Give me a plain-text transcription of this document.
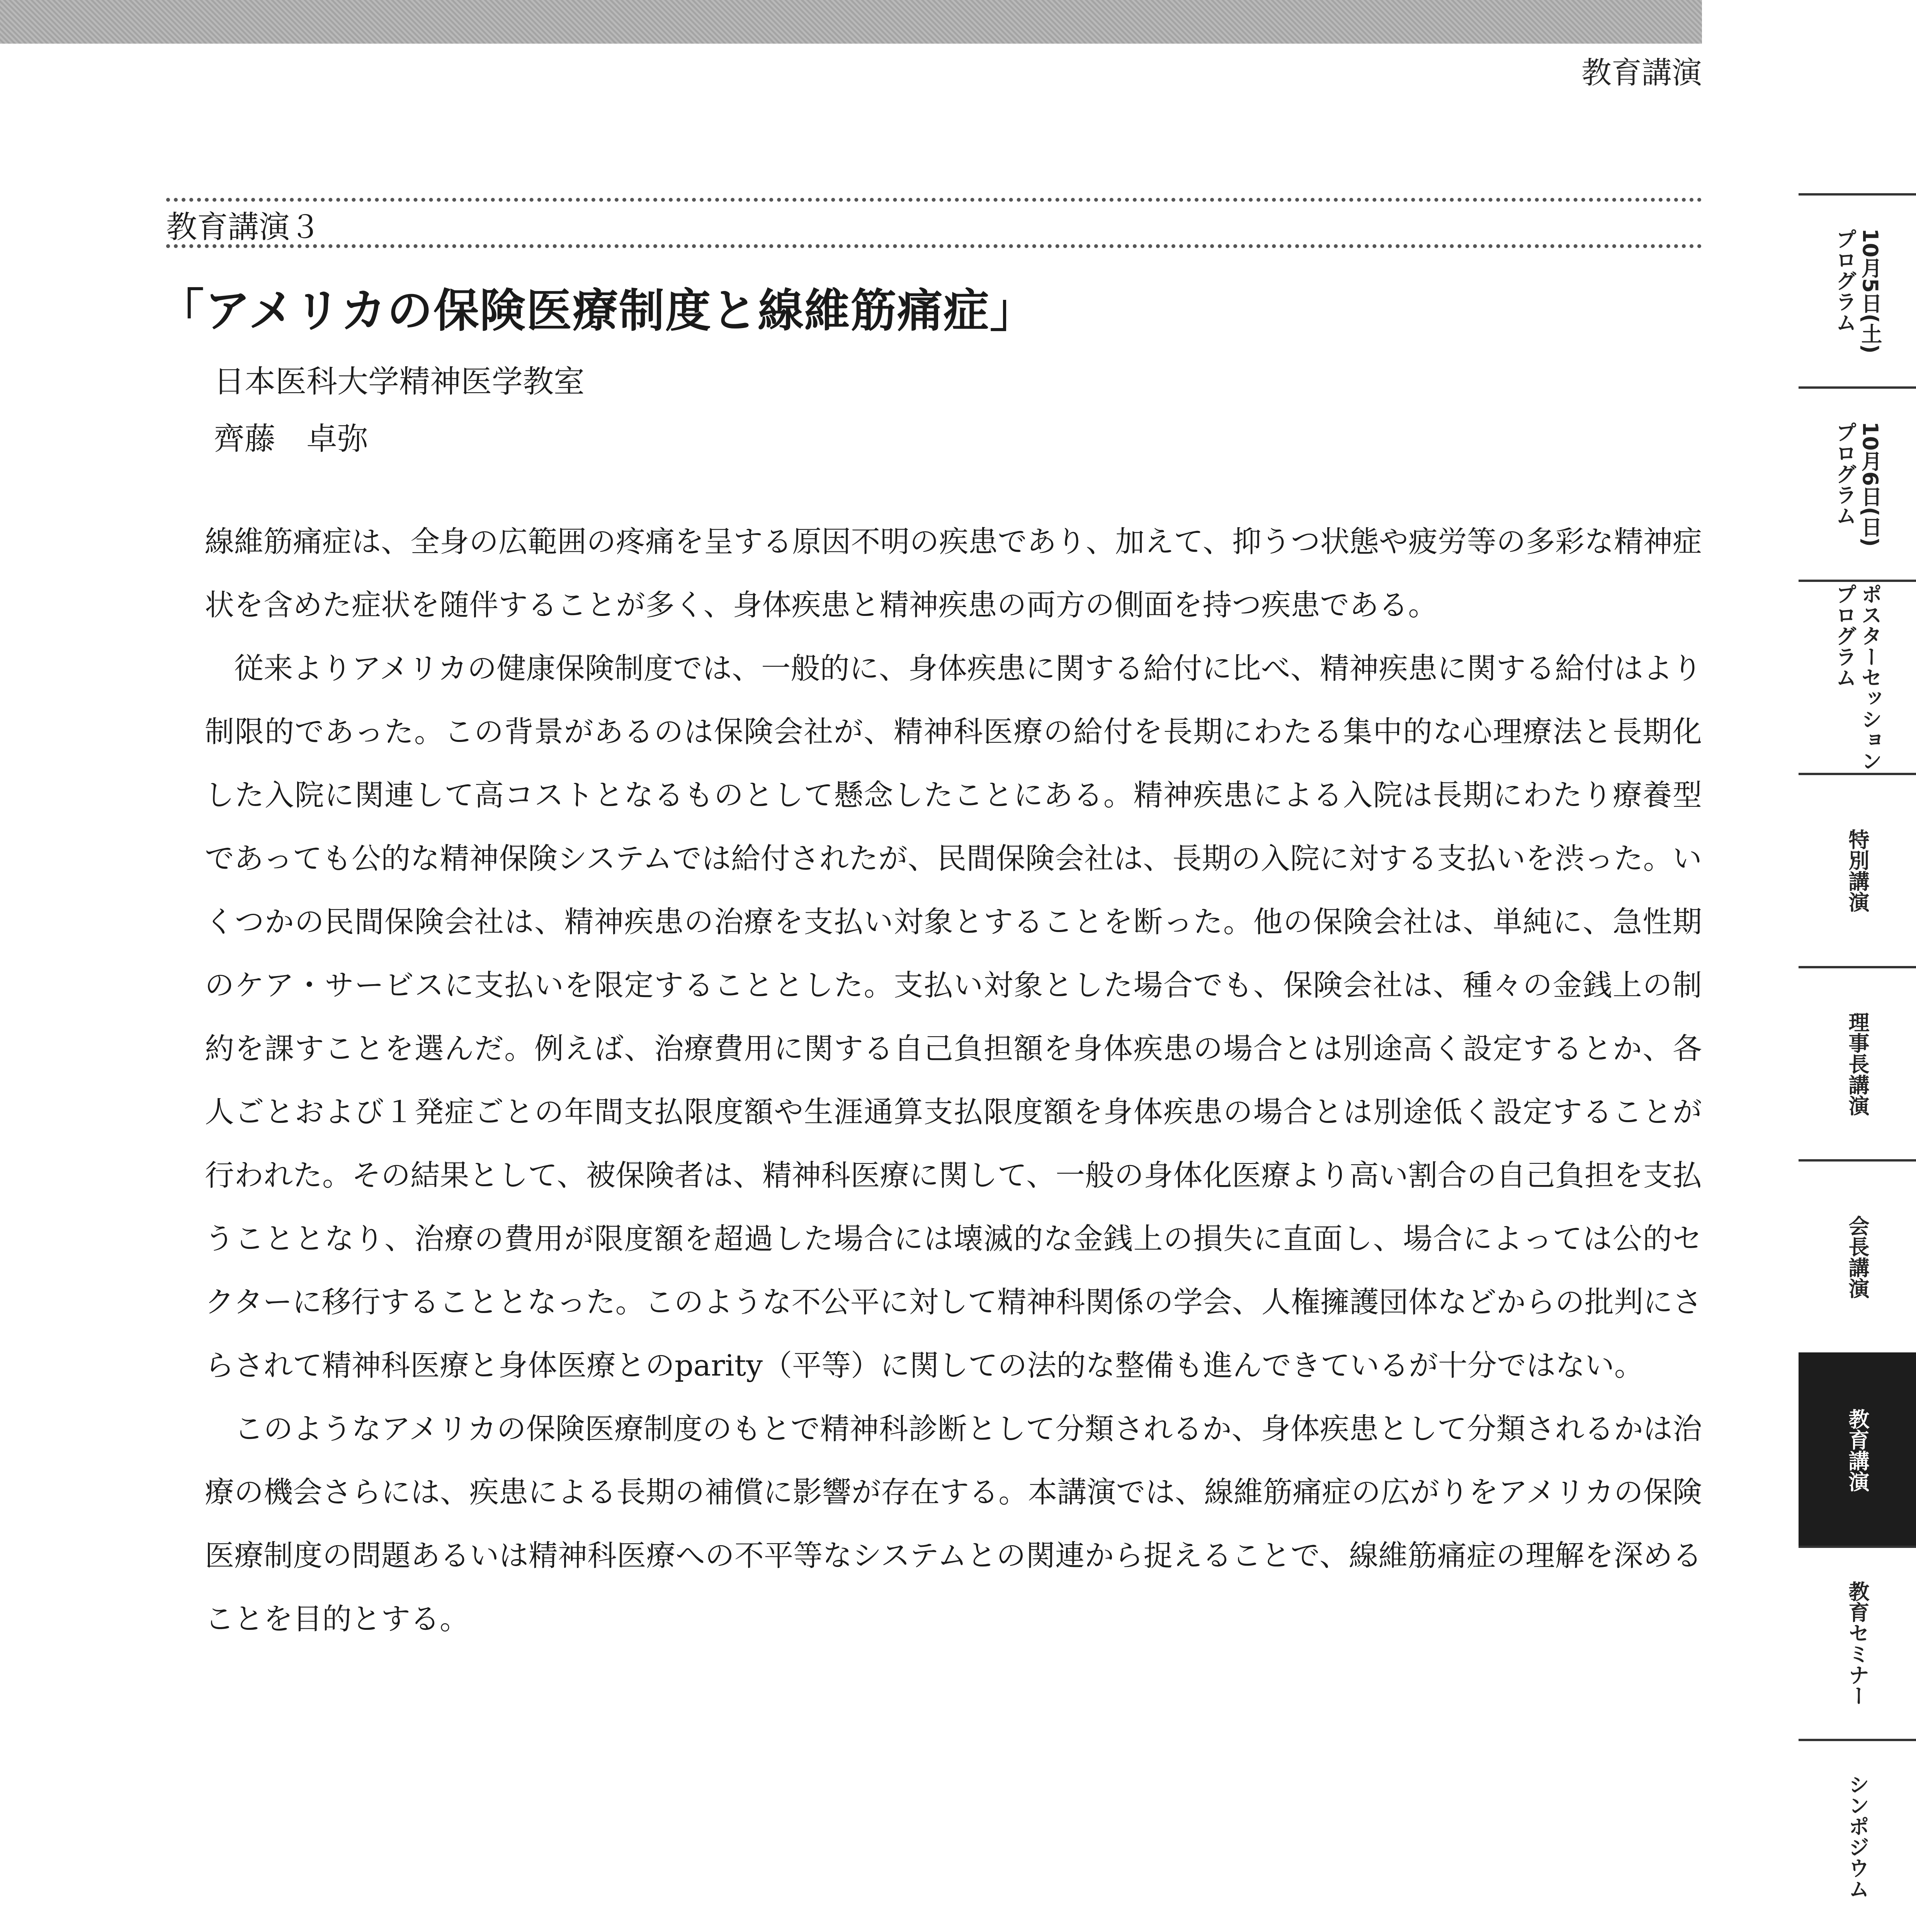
教育講演
教育講演３
「アメリカの保険医療制度と線維筋痛症」
日本医科大学精神医学教室
齊藤　卓弥

線維筋痛症は、全身の広範囲の疼痛を呈する原因不明の疾患であり、加えて、抑うつ状態や疲労等の多彩な精神症状を含めた症状を随伴することが多く、身体疾患と精神疾患の両方の側面を持つ疾患である。

従来よりアメリカの健康保険制度では、一般的に、身体疾患に関する給付に比べ、精神疾患に関する給付はより制限的であった。この背景があるのは保険会社が、精神科医療の給付を長期にわたる集中的な心理療法と長期化した入院に関連して高コストとなるものとして懸念したことにある。精神疾患による入院は長期にわたり療養型であっても公的な精神保険システムでは給付されたが、民間保険会社は、長期の入院に対する支払いを渋った。いくつかの民間保険会社は、精神疾患の治療を支払い対象とすることを断った。他の保険会社は、単純に、急性期のケア・サービスに支払いを限定することとした。支払い対象とした場合でも、保険会社は、種々の金銭上の制約を課すことを選んだ。例えば、治療費用に関する自己負担額を身体疾患の場合とは別途高く設定するとか、各人ごとおよび１発症ごとの年間支払限度額や生涯通算支払限度額を身体疾患の場合とは別途低く設定することが行われた。その結果として、被保険者は、精神科医療に関して、一般の身体化医療より高い割合の自己負担を支払うこととなり、治療の費用が限度額を超過した場合には壊滅的な金銭上の損失に直面し、場合によっては公的セクターに移行することとなった。このような不公平に対して精神科関係の学会、人権擁護団体などからの批判にさらされて精神科医療と身体医療とのparity（平等）に関しての法的な整備も進んできているが十分ではない。

このようなアメリカの保険医療制度のもとで精神科診断として分類されるか、身体疾患として分類されるかは治療の機会さらには、疾患による長期の補償に影響が存在する。本講演では、線維筋痛症の広がりをアメリカの保険医療制度の問題あるいは精神科医療への不平等なシステムとの関連から捉えることで、線維筋痛症の理解を深めることを目的とする。

10月5日(土)
プログラム
10月6日(日)
プログラム
ポスターセッション
プログラム
特別講演
理事長講演
会長講演
教育講演
教育セミナー
シンポジウム
